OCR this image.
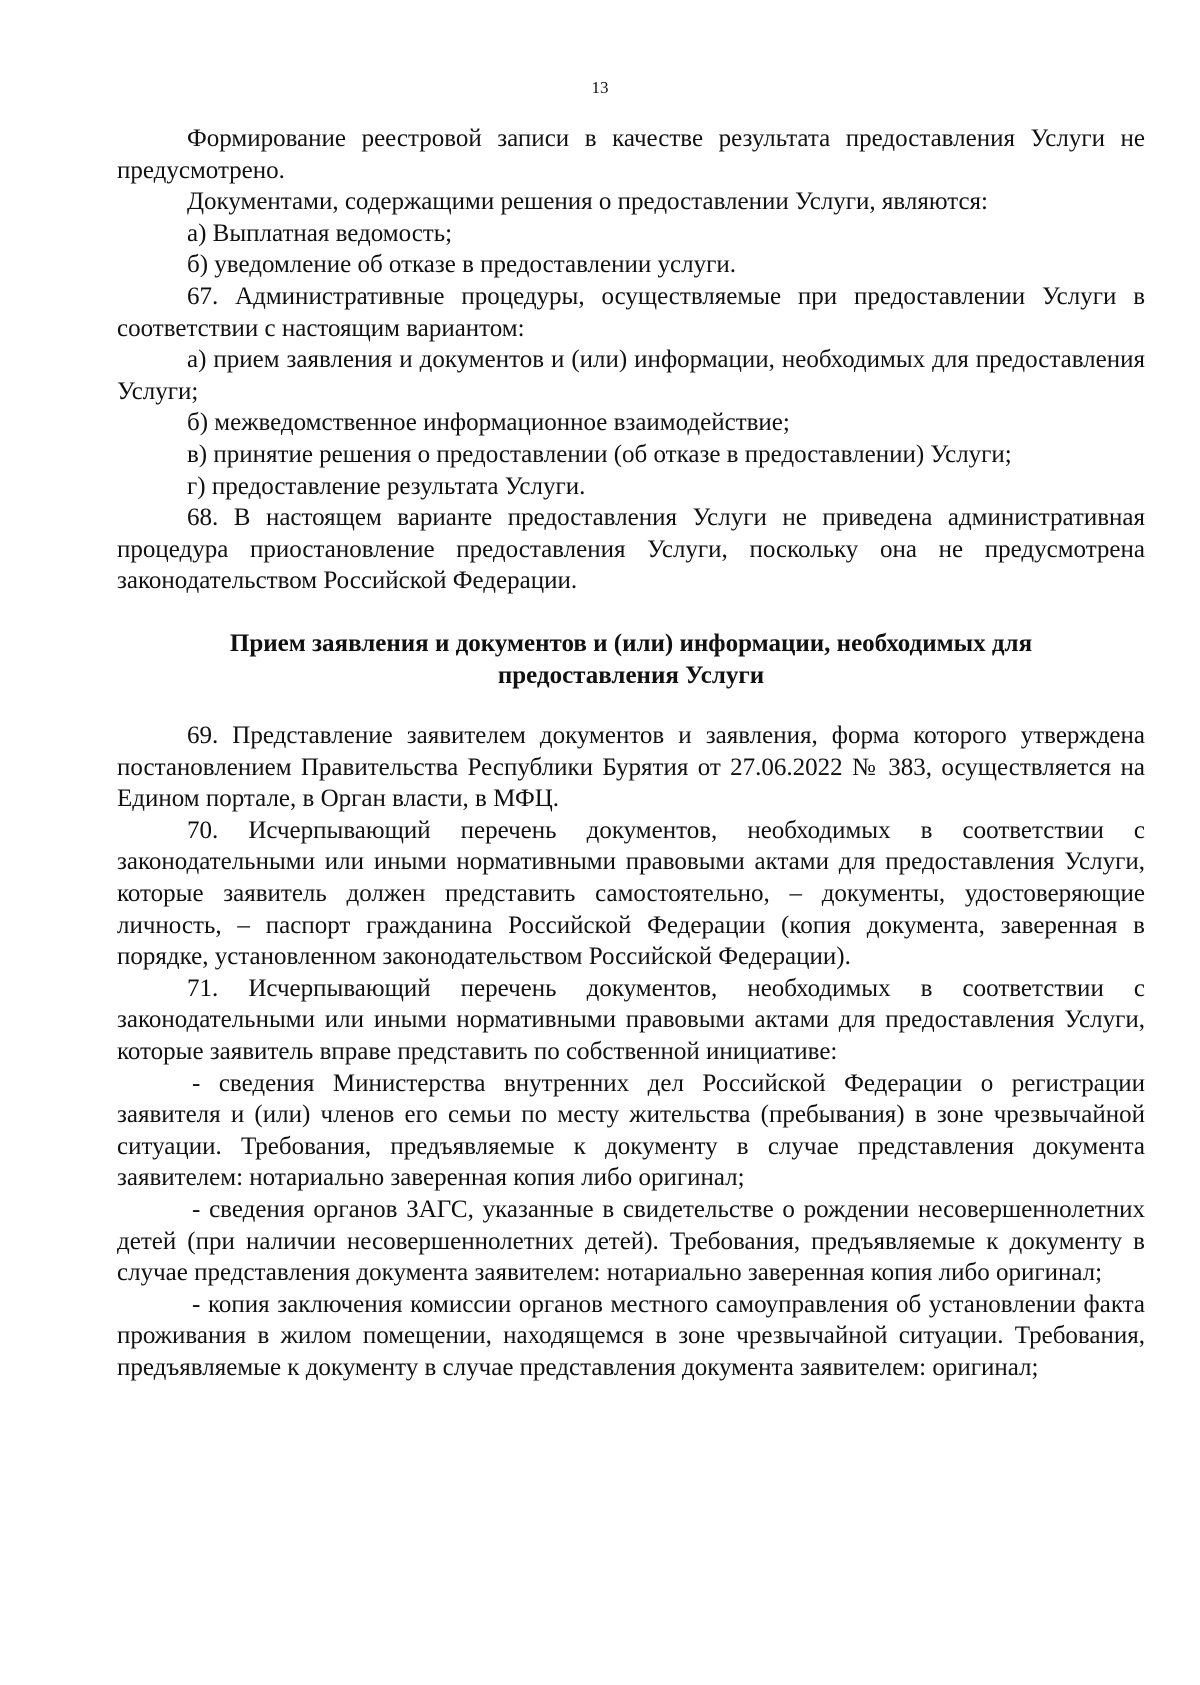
13

Формирование реестровой записи в качестве результата предоставления Услуги не предусмотрено.

Документами, содержащими решения о предоставлении Услуги, являются:

а) Выплатная ведомость;

б) уведомление об отказе в предоставлении услуги.

67. Административные процедуры, осуществляемые при предоставлении Услуги в соответствии с настоящим вариантом:

а) прием заявления и документов и (или) информации, необходимых для предоставления Услуги;

б) межведомственное информационное взаимодействие;

в) принятие решения о предоставлении (об отказе в предоставлении) Услуги;

г) предоставление результата Услуги.

68. В настоящем варианте предоставления Услуги не приведена административная процедура приостановление предоставления Услуги, поскольку она не предусмотрена законодательством Российской Федерации.

Прием заявления и документов и (или) информации, необходимых для предоставления Услуги

69. Представление заявителем документов и заявления, форма которого утверждена постановлением Правительства Республики Бурятия от 27.06.2022 № 383, осуществляется на Едином портале, в Орган власти, в МФЦ.

70. Исчерпывающий перечень документов, необходимых в соответствии с законодательными или иными нормативными правовыми актами для предоставления Услуги, которые заявитель должен представить самостоятельно, – документы, удостоверяющие личность, – паспорт гражданина Российской Федерации (копия документа, заверенная в порядке, установленном законодательством Российской Федерации).

71. Исчерпывающий перечень документов, необходимых в соответствии с законодательными или иными нормативными правовыми актами для предоставления Услуги, которые заявитель вправе представить по собственной инициативе:

- сведения Министерства внутренних дел Российской Федерации о регистрации заявителя и (или) членов его семьи по месту жительства (пребывания) в зоне чрезвычайной ситуации. Требования, предъявляемые к документу в случае представления документа заявителем: нотариально заверенная копия либо оригинал;

- сведения органов ЗАГС, указанные в свидетельстве о рождении несовершеннолетних детей (при наличии несовершеннолетних детей). Требования, предъявляемые к документу в случае представления документа заявителем: нотариально заверенная копия либо оригинал;

- копия заключения комиссии органов местного самоуправления об установлении факта проживания в жилом помещении, находящемся в зоне чрезвычайной ситуации. Требования, предъявляемые к документу в случае представления документа заявителем: оригинал;
